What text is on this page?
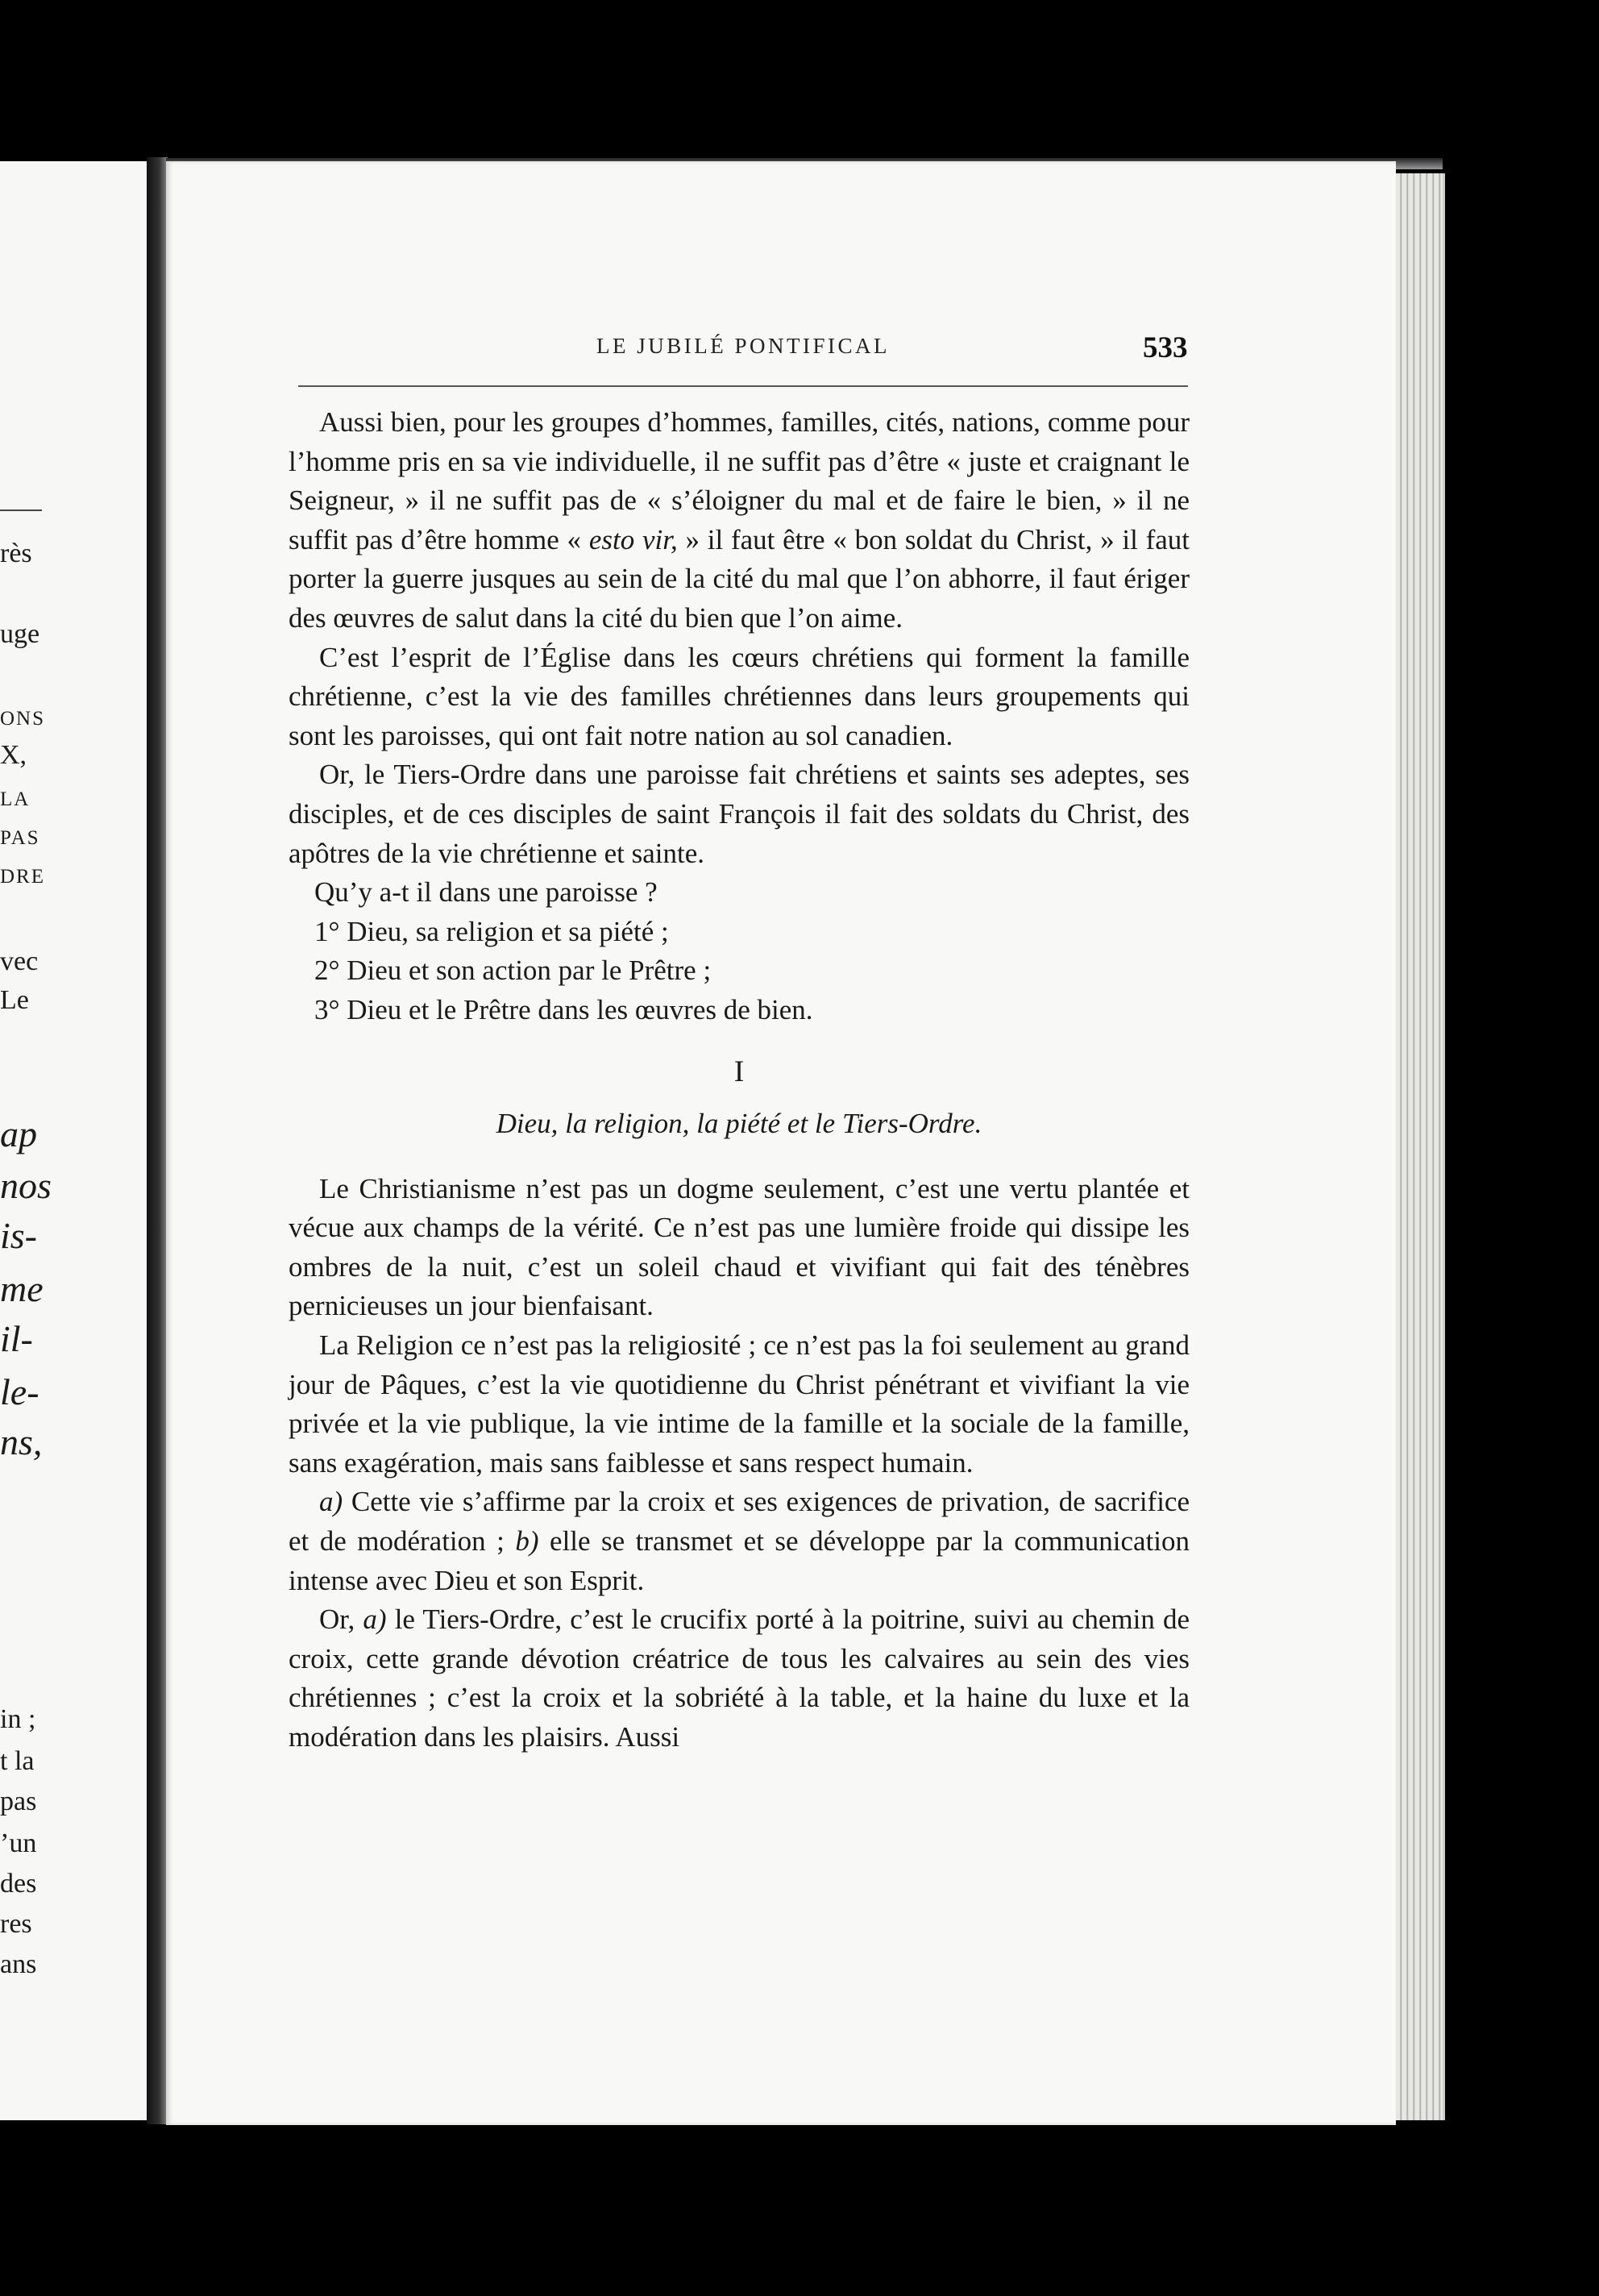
rès
uge
ONS
X,
LA
PAS
DRE
vec
Le
ap
nos
is-
me
il-
le-
ns,
in ;
t la
pas
’un
des
res
ans
LE JUBILÉ PONTIFICAL	533

Aussi bien, pour les groupes d’hommes, familles, cités, nations, comme pour l’homme pris en sa vie individuelle, il ne suffit pas d’être « juste et craignant le Seigneur, » il ne suffit pas de « s’éloigner du mal et de faire le bien, » il ne suffit pas d’être homme « esto vir, » il faut être « bon soldat du Christ, » il faut porter la guerre jusques au sein de la cité du mal que l’on abhorre, il faut ériger des œuvres de salut dans la cité du bien que l’on aime.

C’est l’esprit de l’Église dans les cœurs chrétiens qui forment la famille chrétienne, c’est la vie des familles chrétiennes dans leurs groupements qui sont les paroisses, qui ont fait notre nation au sol canadien.

Or, le Tiers-Ordre dans une paroisse fait chrétiens et saints ses adeptes, ses disciples, et de ces disciples de saint François il fait des soldats du Christ, des apôtres de la vie chrétienne et sainte.

Qu’y a-t il dans une paroisse ?

1° Dieu, sa religion et sa piété ;

2° Dieu et son action par le Prêtre ;

3° Dieu et le Prêtre dans les œuvres de bien.

I

Dieu, la religion, la piété et le Tiers-Ordre.

Le Christianisme n’est pas un dogme seulement, c’est une vertu plantée et vécue aux champs de la vérité. Ce n’est pas une lumière froide qui dissipe les ombres de la nuit, c’est un soleil chaud et vivifiant qui fait des ténèbres pernicieuses un jour bienfaisant.

La Religion ce n’est pas la religiosité ; ce n’est pas la foi seulement au grand jour de Pâques, c’est la vie quotidienne du Christ pénétrant et vivifiant la vie privée et la vie publique, la vie intime de la famille et la sociale de la famille, sans exagération, mais sans faiblesse et sans respect humain.

a) Cette vie s’affirme par la croix et ses exigences de privation, de sacrifice et de modération ; b) elle se transmet et se développe par la communication intense avec Dieu et son Esprit.

Or, a) le Tiers-Ordre, c’est le crucifix porté à la poitrine, suivi au chemin de croix, cette grande dévotion créatrice de tous les calvaires au sein des vies chrétiennes ; c’est la croix et la sobriété à la table, et la haine du luxe et la modération dans les plaisirs. Aussi
